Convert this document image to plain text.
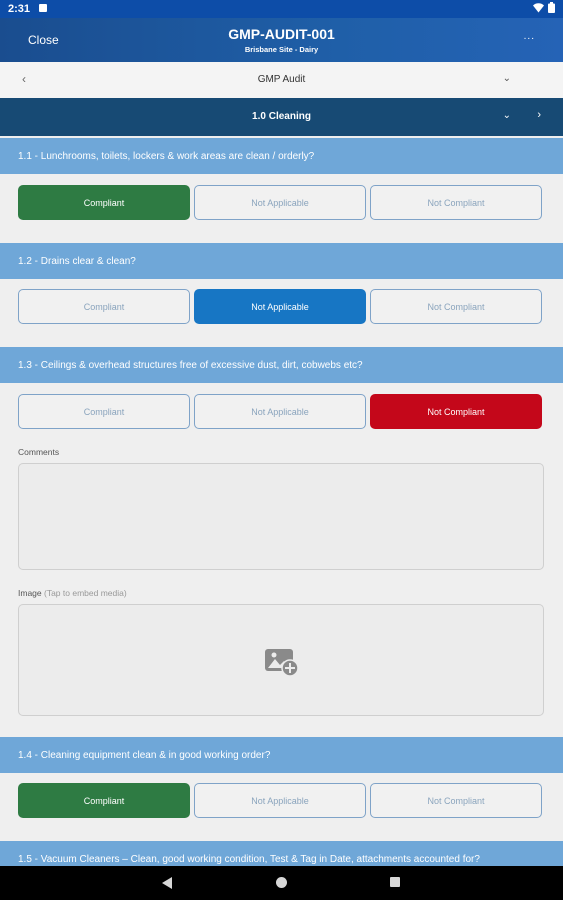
2:31
Close	GMP-AUDIT-001
Brisbane Site - Dairy
...
‹	GMP Audit	⌄
1.0 Cleaning	⌄ ›
1.1 - Lunchrooms, toilets, lockers & work areas are clean / orderly?
Compliant	Not Applicable	Not Compliant
1.2 - Drains clear & clean?
Compliant	Not Applicable	Not Compliant
1.3 - Ceilings & overhead structures free of excessive dust, dirt, cobwebs etc?
Compliant	Not Applicable	Not Compliant
Comments
Image (Tap to embed media)
1.4 - Cleaning equipment clean & in good working order?
Compliant	Not Applicable	Not Compliant
1.5 - Vacuum Cleaners – Clean, good working condition, Test & Tag in Date, attachments accounted for?
